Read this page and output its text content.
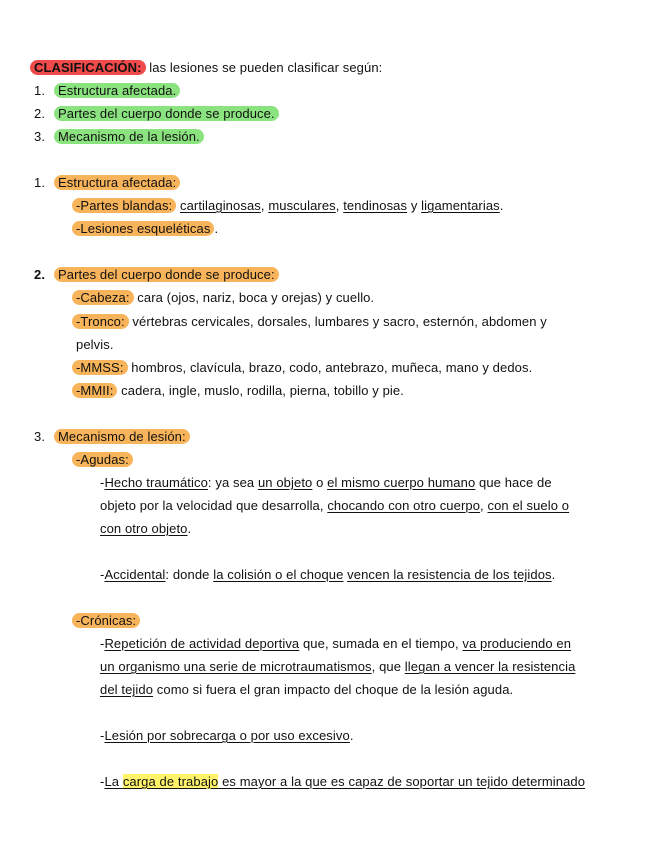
CLASIFICACIÓN: las lesiones se pueden clasificar según:
1. Estructura afectada.
2. Partes del cuerpo donde se produce.
3. Mecanismo de la lesión.
1. Estructura afectada:
-Partes blandas: cartilaginosas, musculares, tendinosas y ligamentarias.
-Lesiones esqueléticas .
2. Partes del cuerpo donde se produce:
-Cabeza: cara (ojos, nariz, boca y orejas) y cuello.
-Tronco: vértebras cervicales, dorsales, lumbares y sacro, esternón, abdomen y
pelvis.
-MMSS: hombros, clavícula, brazo, codo, antebrazo, muñeca, mano y dedos.
-MMII: cadera, ingle, muslo, rodilla, pierna, tobillo y pie.
3. Mecanismo de lesión:
-Agudas:
-Hecho traumático: ya sea un objeto o el mismo cuerpo humano que hace de
objeto por la velocidad que desarrolla, chocando con otro cuerpo, con el suelo o
con otro objeto.
-Accidental: donde la colisión o el choque vencen la resistencia de los tejidos.
-Crónicas:
-Repetición de actividad deportiva que, sumada en el tiempo, va produciendo en
un organismo una serie de microtraumatismos, que llegan a vencer la resistencia
del tejido como si fuera el gran impacto del choque de la lesión aguda.
-Lesión por sobrecarga o por uso excesivo.
-La carga de trabajo es mayor a la que es capaz de soportar un tejido determinado
